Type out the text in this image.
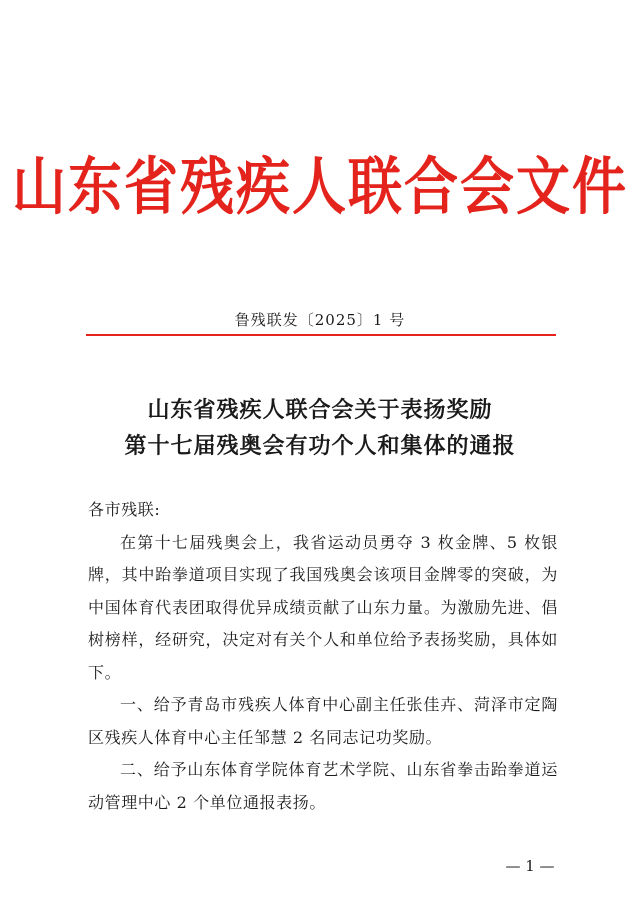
山东省残疾人联合会文件
鲁残联发〔2025〕1 号
山东省残疾人联合会关于表扬奖励
第十七届残奥会有功个人和集体的通报

各市残联:

在第十七届残奥会上，我省运动员勇夺 3 枚金牌、5 枚银牌，其中跆拳道项目实现了我国残奥会该项目金牌零的突破，为中国体育代表团取得优异成绩贡献了山东力量。为激励先进、倡树榜样，经研究，决定对有关个人和单位给予表扬奖励，具体如下。

一、给予青岛市残疾人体育中心副主任张佳卉、菏泽市定陶区残疾人体育中心主任邹慧 2 名同志记功奖励。

二、给予山东体育学院体育艺术学院、山东省拳击跆拳道运动管理中心 2 个单位通报表扬。

— 1 —
